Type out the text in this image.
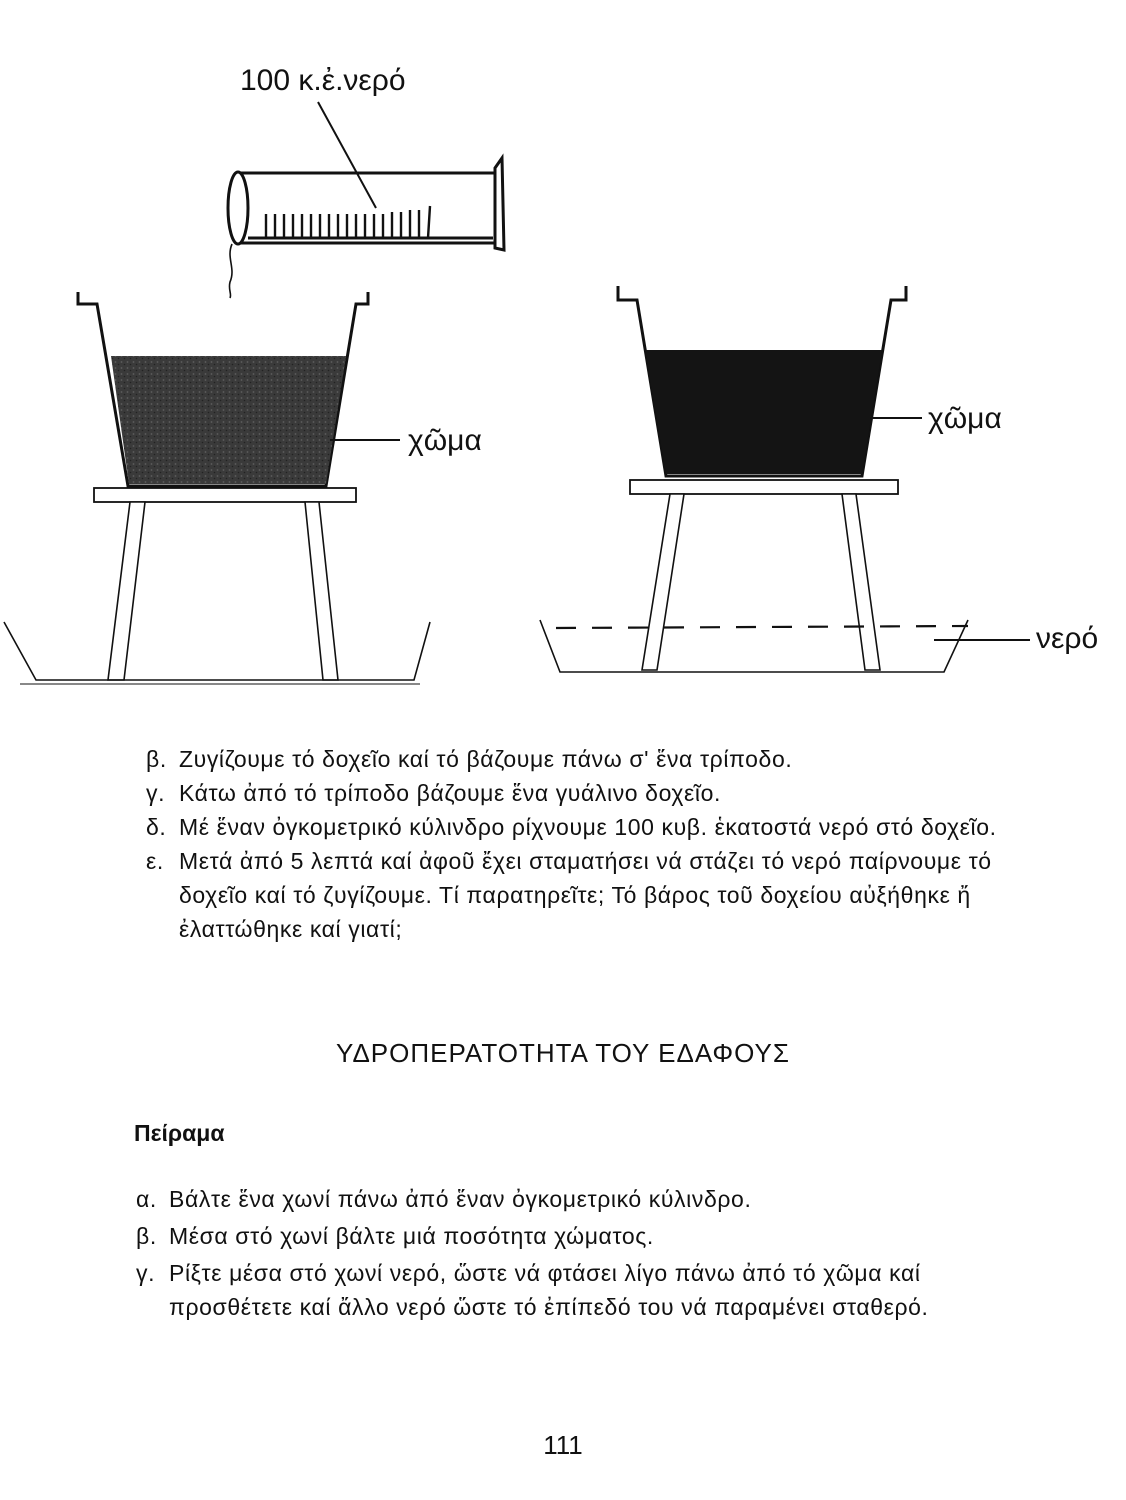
100 κ.ἐ.νερό
χῶμα
χῶμα
νερό
β. Ζυγίζουμε τό δοχεῖο καί τό βάζουμε πάνω σ' ἕνα τρίποδο.
γ. Κάτω ἀπό τό τρίποδο βάζουμε ἕνα γυάλινο δοχεῖο.
δ. Μέ ἕναν ὀγκομετρικό κύλινδρο ρίχνουμε 100 κυβ. ἑκατοστά νερό στό δοχεῖο.
ε. Μετά ἀπό 5 λεπτά καί ἀφοῦ ἔχει σταματήσει νά στάζει τό νερό παίρνουμε τό δοχεῖο καί τό ζυγίζουμε. Τί παρατηρεῖτε; Τό βάρος τοῦ δοχείου αὐξήθηκε ἤ ἐλαττώθηκε καί γιατί;
ΥΔΡΟΠΕΡΑΤΟΤΗΤΑ ΤΟΥ ΕΔΑΦΟΥΣ
Πείραμα
α. Βάλτε ἕνα χωνί πάνω ἀπό ἕναν ὀγκομετρικό κύλινδρο.
β. Μέσα στό χωνί βάλτε μιά ποσότητα χώματος.
γ. Ρίξτε μέσα στό χωνί νερό, ὥστε νά φτάσει λίγο πάνω ἀπό τό χῶμα καί προσθέτετε καί ἄλλο νερό ὥστε τό ἐπίπεδό του νά παραμένει σταθερό.
111
